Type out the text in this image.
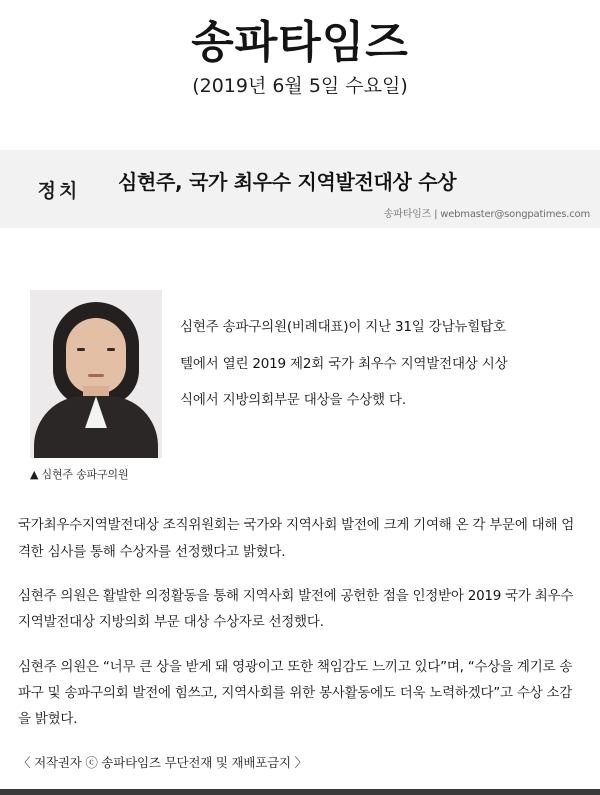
송파타임즈
(2019년 6월 5일 수요일)
정치	심현주, 국가 최우수 지역발전대상 수상
송파타임즈 | webmaster@songpatimes.com
▲ 심현주 송파구의원

심현주 송파구의원(비례대표)이 지난 31일 강남뉴힐탑호

텔에서 열린 2019 제2회 국가 최우수 지역발전대상 시상

식에서 지방의회부문 대상을 수상했 다.

국가최우수지역발전대상 조직위원회는 국가와 지역사회 발전에 크게 기여해 온 각 부문에 대해 엄격한 심사를 통해 수상자를 선정했다고 밝혔다.

심현주 의원은 활발한 의정활동을 통해 지역사회 발전에 공헌한 점을 인정받아 2019 국가 최우수 지역발전대상 지방의회 부문 대상 수상자로 선정했다.

심현주 의원은 “너무 큰 상을 받게 돼 영광이고 또한 책임감도 느끼고 있다”며, “수상을 계기로 송파구 및 송파구의회 발전에 힘쓰고, 지역사회를 위한 봉사활동에도 더욱 노력하겠다”고 수상 소감을 밝혔다.

〈 저작권자 ⓒ 송파타임즈 무단전재 및 재배포금지 〉
